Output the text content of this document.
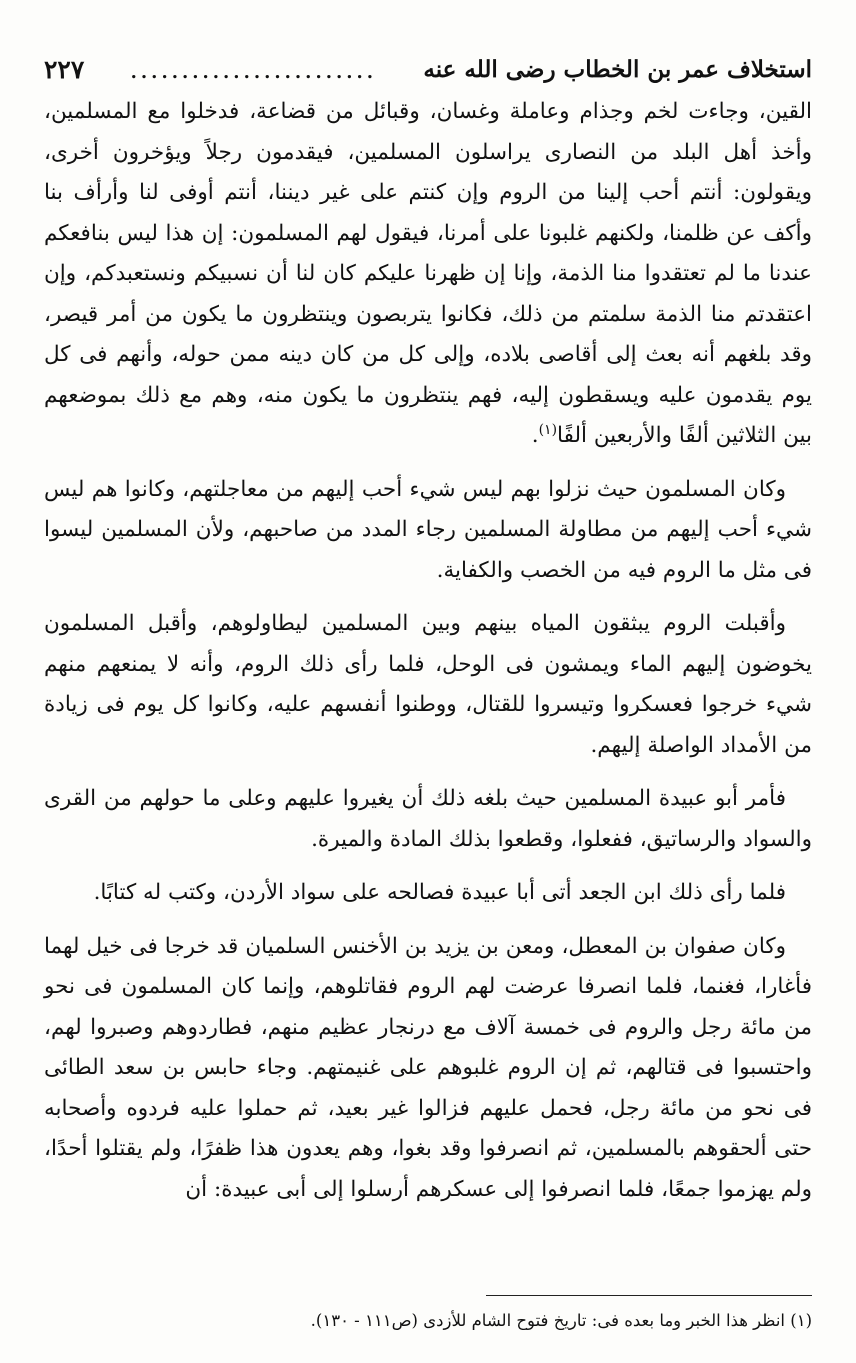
استخلاف عمر بن الخطاب رضى الله عنه
........................
٢٢٧

القين، وجاءت لخم وجذام وعاملة وغسان، وقبائل من قضاعة، فدخلوا مع المسلمين، وأخذ أهل البلد من النصارى يراسلون المسلمين، فيقدمون رجلاً ويؤخرون أخرى، ويقولون: أنتم أحب إلينا من الروم وإن كنتم على غير ديننا، أنتم أوفى لنا وأرأف بنا وأكف عن ظلمنا، ولكنهم غلبونا على أمرنا، فيقول لهم المسلمون: إن هذا ليس بنافعكم عندنا ما لم تعتقدوا منا الذمة، وإنا إن ظهرنا عليكم كان لنا أن نسبيكم ونستعبدكم، وإن اعتقدتم منا الذمة سلمتم من ذلك، فكانوا يتربصون وينتظرون ما يكون من أمر قيصر، وقد بلغهم أنه بعث إلى أقاصى بلاده، وإلى كل من كان دينه ممن حوله، وأنهم فى كل يوم يقدمون عليه ويسقطون إليه، فهم ينتظرون ما يكون منه، وهم مع ذلك بموضعهم بين الثلاثين ألفًا والأربعين ألفًا$^{(١)}$.

وكان المسلمون حيث نزلوا بهم ليس شيء أحب إليهم من معاجلتهم، وكانوا هم ليس شيء أحب إليهم من مطاولة المسلمين رجاء المدد من صاحبهم، ولأن المسلمين ليسوا فى مثل ما الروم فيه من الخصب والكفاية.

وأقبلت الروم يبثقون المياه بينهم وبين المسلمين ليطاولوهم، وأقبل المسلمون يخوضون إليهم الماء ويمشون فى الوحل، فلما رأى ذلك الروم، وأنه لا يمنعهم منهم شيء خرجوا فعسكروا وتيسروا للقتال، ووطنوا أنفسهم عليه، وكانوا كل يوم فى زيادة من الأمداد الواصلة إليهم.

فأمر أبو عبيدة المسلمين حيث بلغه ذلك أن يغيروا عليهم وعلى ما حولهم من القرى والسواد والرساتيق، ففعلوا، وقطعوا بذلك المادة والميرة.

فلما رأى ذلك ابن الجعد أتى أبا عبيدة فصالحه على سواد الأردن، وكتب له كتابًا.

وكان صفوان بن المعطل، ومعن بن يزيد بن الأخنس السلميان قد خرجا فى خيل لهما فأغارا، فغنما، فلما انصرفا عرضت لهم الروم فقاتلوهم، وإنما كان المسلمون فى نحو من مائة رجل والروم فى خمسة آلاف مع درنجار عظيم منهم، فطاردوهم وصبروا لهم، واحتسبوا فى قتالهم، ثم إن الروم غلبوهم على غنيمتهم. وجاء حابس بن سعد الطائى فى نحو من مائة رجل، فحمل عليهم فزالوا غير بعيد، ثم حملوا عليه فردوه وأصحابه حتى ألحقوهم بالمسلمين، ثم انصرفوا وقد بغوا، وهم يعدون هذا ظفرًا، ولم يقتلوا أحدًا، ولم يهزموا جمعًا، فلما انصرفوا إلى عسكرهم أرسلوا إلى أبى عبيدة: أن

(١) انظر هذا الخبر وما بعده فى: تاريخ فتوح الشام للأزدى (ص١١١ - ١٣٠).
